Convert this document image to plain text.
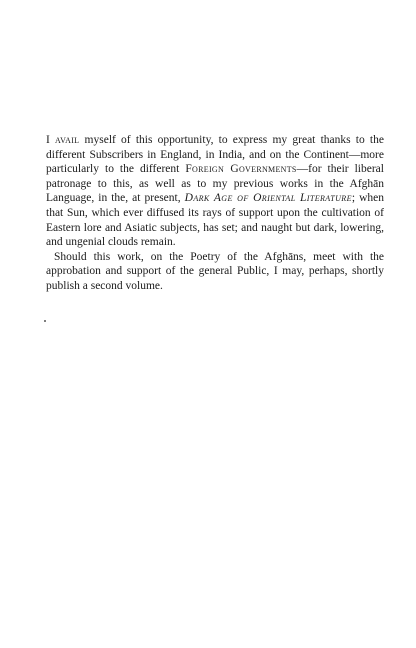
I avail myself of this opportunity, to express my great thanks to the different Subscribers in England, in India, and on the Continent—more particularly to the different Foreign Governments—for their liberal patronage to this, as well as to my previous works in the Afghān Language, in the, at present, Dark Age of Oriental Literature; when that Sun, which ever diffused its rays of support upon the cultivation of Eastern lore and Asiatic subjects, has set; and naught but dark, lowering, and ungenial clouds remain.

Should this work, on the Poetry of the Afghāns, meet with the approbation and support of the general Public, I may, perhaps, shortly publish a second volume.
